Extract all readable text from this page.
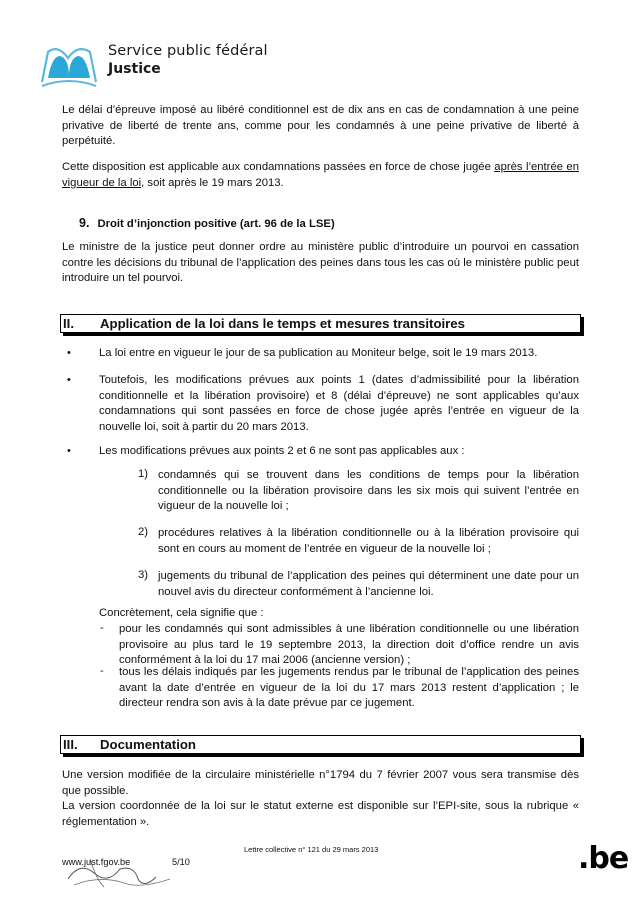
Service public fédéral
Justice

Le délai d’épreuve imposé au libéré conditionnel est de dix ans en cas de condamnation à une peine privative de liberté de trente ans, comme pour les condamnés à une peine privative de liberté à perpétuité.

Cette disposition est applicable aux condamnations passées en force de chose jugée après l’entrée en vigueur de la loi, soit après le 19 mars 2013.

9. Droit d’injonction positive (art. 96 de la LSE)

Le ministre de la justice peut donner ordre au ministère public d’introduire un pourvoi en cassation contre les décisions du tribunal de l’application des peines dans tous les cas où le ministère public peut introduire un tel pourvoi.

II. Application de la loi dans le temps et mesures transitoires
• La loi entre en vigueur le jour de sa publication au Moniteur belge, soit le 19 mars 2013.

• Toutefois, les modifications prévues aux points 1 (dates d’admissibilité pour la libération conditionnelle et la libération provisoire) et 8 (délai d’épreuve) ne sont applicables qu’aux condamnations qui sont passées en force de chose jugée après l’entrée en vigueur de la nouvelle loi, soit à partir du 20 mars 2013.

• Les modifications prévues aux points 2 et 6 ne sont pas applicables aux :

1) condamnés qui se trouvent dans les conditions de temps pour la libération conditionnelle ou la libération provisoire dans les six mois qui suivent l’entrée en vigueur de la nouvelle loi ;

2) procédures relatives à la libération conditionnelle ou à la libération provisoire qui sont en cours au moment de l’entrée en vigueur de la nouvelle loi ;

3) jugements du tribunal de l’application des peines qui déterminent une date pour un nouvel avis du directeur conformément à l’ancienne loi.

Concrètement, cela signifie que :

- pour les condamnés qui sont admissibles à une libération conditionnelle ou une libération provisoire au plus tard le 19 septembre 2013, la direction doit d’office rendre un avis conformément à la loi du 17 mai 2006 (ancienne version) ;

- tous les délais indiqués par les jugements rendus par le tribunal de l’application des peines avant la date d’entrée en vigueur de la loi du 17 mars 2013 restent d’application ; le directeur rendra son avis à la date prévue par ce jugement.

III. Documentation

Une version modifiée de la circulaire ministérielle n°1794 du 7 février 2007 vous sera transmise dès que possible.

La version coordonnée de la loi sur le statut externe est disponible sur l’EPI-site, sous la rubrique « réglementation ».

Lettre collective n° 121 du 29 mars 2013
www.just.fgov.be	5/10	.be
